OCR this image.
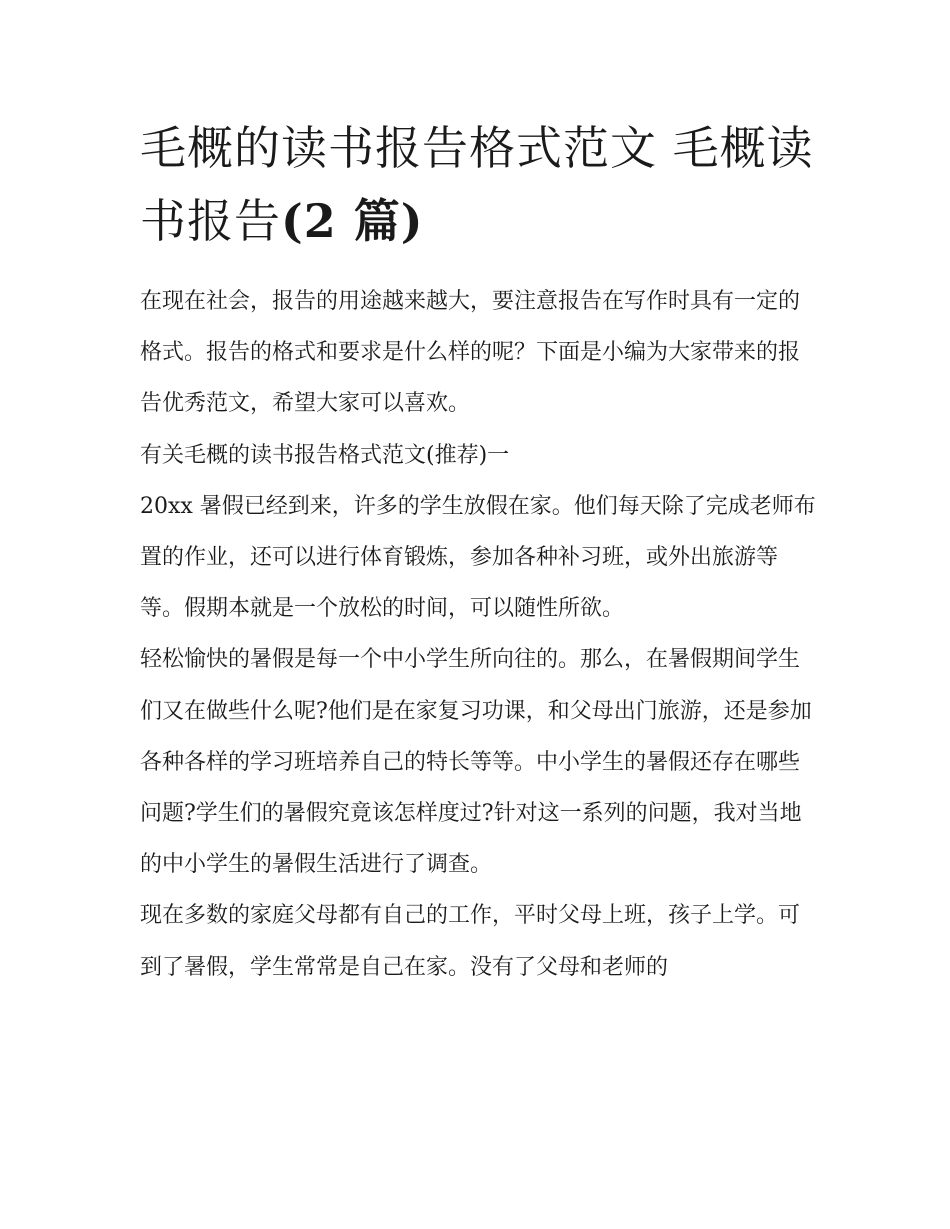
毛概的读书报告格式范文 毛概读书报告(2 篇)

在现在社会，报告的用途越来越大，要注意报告在写作时具有一定的格式。报告的格式和要求是什么样的呢？下面是小编为大家带来的报告优秀范文，希望大家可以喜欢。

有关毛概的读书报告格式范文(推荐)一

20xx 暑假已经到来，许多的学生放假在家。他们每天除了完成老师布置的作业，还可以进行体育锻炼，参加各种补习班，或外出旅游等等。假期本就是一个放松的时间，可以随性所欲。

轻松愉快的暑假是每一个中小学生所向往的。那么，在暑假期间学生们又在做些什么呢?他们是在家复习功课，和父母出门旅游，还是参加各种各样的学习班培养自己的特长等等。中小学生的暑假还存在哪些问题?学生们的暑假究竟该怎样度过?针对这一系列的问题，我对当地的中小学生的暑假生活进行了调查。

现在多数的家庭父母都有自己的工作，平时父母上班，孩子上学。可到了暑假，学生常常是自己在家。没有了父母和老师的
